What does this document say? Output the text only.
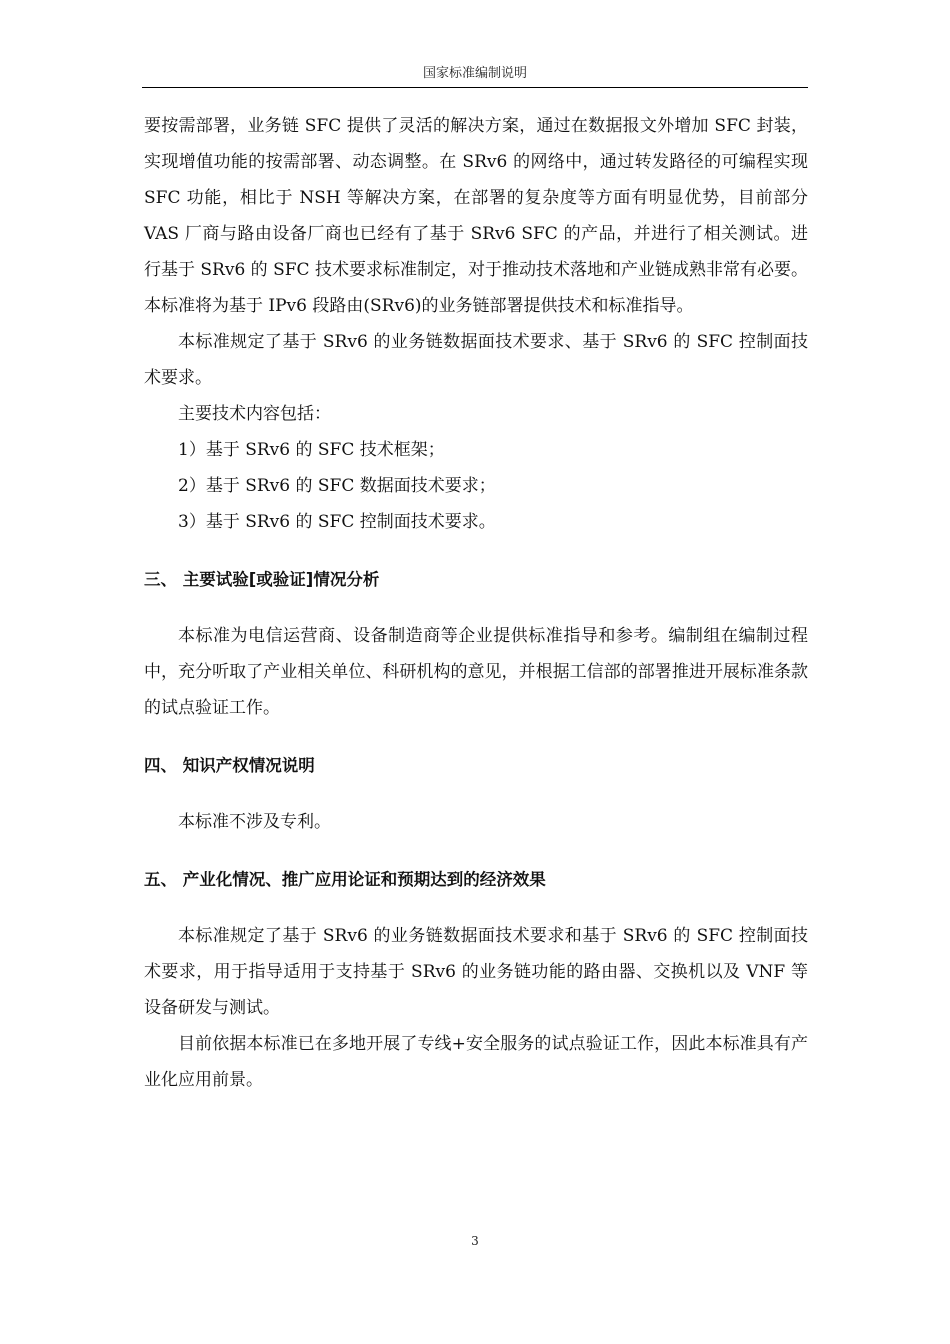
国家标准编制说明

要按需部署，业务链 SFC 提供了灵活的解决方案，通过在数据报文外增加 SFC 封装，实现增值功能的按需部署、动态调整。在 SRv6 的网络中，通过转发路径的可编程实现 SFC 功能，相比于 NSH 等解决方案，在部署的复杂度等方面有明显优势，目前部分 VAS 厂商与路由设备厂商也已经有了基于 SRv6 SFC 的产品，并进行了相关测试。进行基于 SRv6 的 SFC 技术要求标准制定，对于推动技术落地和产业链成熟非常有必要。本标准将为基于 IPv6 段路由(SRv6)的业务链部署提供技术和标准指导。

本标准规定了基于 SRv6 的业务链数据面技术要求、基于 SRv6 的 SFC 控制面技术要求。

主要技术内容包括：

1）基于 SRv6 的 SFC 技术框架；

2）基于 SRv6 的 SFC 数据面技术要求；

3）基于 SRv6 的 SFC 控制面技术要求。

三、 主要试验[或验证]情况分析

本标准为电信运营商、设备制造商等企业提供标准指导和参考。编制组在编制过程中，充分听取了产业相关单位、科研机构的意见，并根据工信部的部署推进开展标准条款的试点验证工作。

四、 知识产权情况说明

本标准不涉及专利。

五、 产业化情况、推广应用论证和预期达到的经济效果

本标准规定了基于 SRv6 的业务链数据面技术要求和基于 SRv6 的 SFC 控制面技术要求，用于指导适用于支持基于 SRv6 的业务链功能的路由器、交换机以及 VNF 等设备研发与测试。

目前依据本标准已在多地开展了专线+安全服务的试点验证工作，因此本标准具有产业化应用前景。

3
